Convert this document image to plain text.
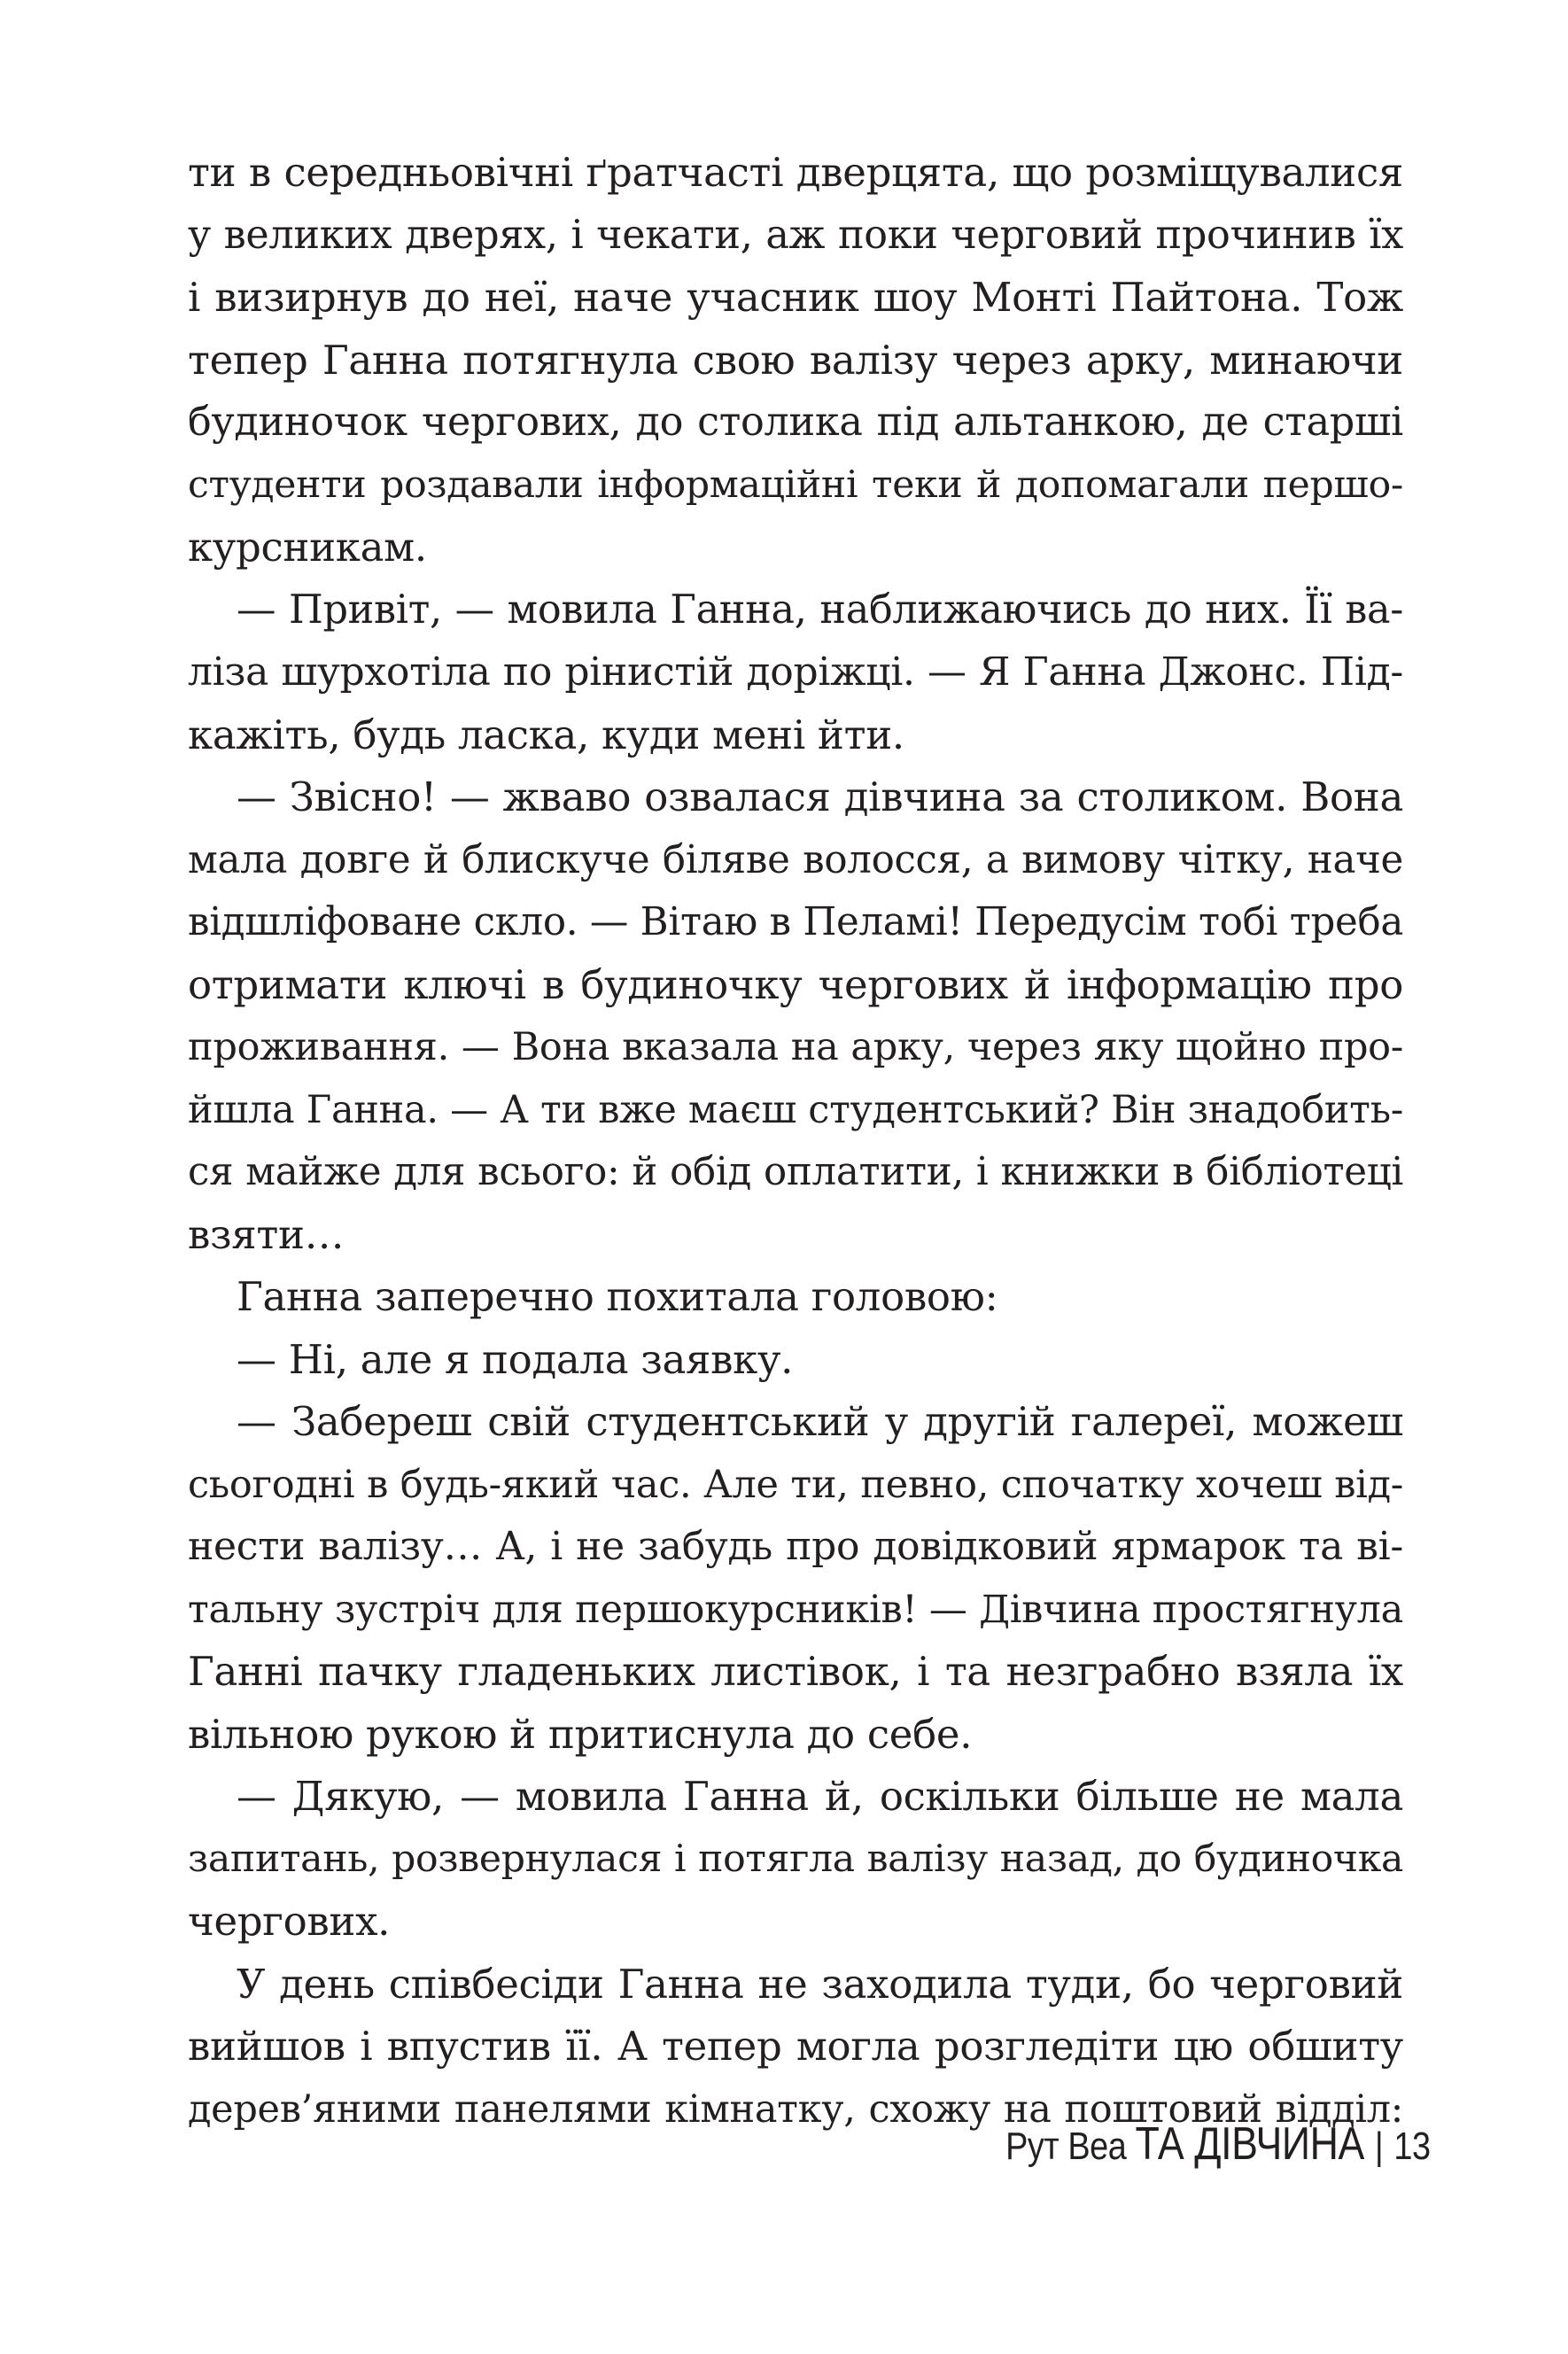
ти в середньовічні ґратчасті дверцята, що розміщувалися
у великих дверях, і чекати, аж поки черговий прочинив їх
і визирнув до неї, наче учасник шоу Монті Пайтона. Тож
тепер Ганна потягнула свою валізу через арку, минаючи
будиночок чергових, до столика під альтанкою, де старші
студенти роздавали інформаційні теки й допомагали першо-
курсникам.
— Привіт, — мовила Ганна, наближаючись до них. Її ва-
ліза шурхотіла по рінистій доріжці. — Я Ганна Джонс. Під-
кажіть, будь ласка, куди мені йти.
— Звісно! — жваво озвалася дівчина за столиком. Вона
мала довге й блискуче біляве волосся, а вимову чітку, наче
відшліфоване скло. — Вітаю в Пеламі! Передусім тобі треба
отримати ключі в будиночку чергових й інформацію про
проживання. — Вона вказала на арку, через яку щойно про-
йшла Ганна. — А ти вже маєш студентський? Він знадобить-
ся майже для всього: й обід оплатити, і книжки в бібліотеці
взяти…
Ганна заперечно похитала головою:
— Ні, але я подала заявку.
— Забереш свій студентський у другій галереї, можеш
сьогодні в будь-який час. Але ти, певно, спочатку хочеш від-
нести валізу… А, і не забудь про довідковий ярмарок та ві-
тальну зустріч для першокурсників! — Дівчина простягнула
Ганні пачку гладеньких листівок, і та незграбно взяла їх
вільною рукою й притиснула до себе.
— Дякую, — мовила Ганна й, оскільки більше не мала
запитань, розвернулася і потягла валізу назад, до будиночка
чергових.
У день співбесіди Ганна не заходила туди, бо черговий
вийшов і впустив її. А тепер могла розгледіти цю обшиту
дерев’яними панелями кімнатку, схожу на поштовий відділ:
Рут Веа ТА ДІВЧИНА | 13
